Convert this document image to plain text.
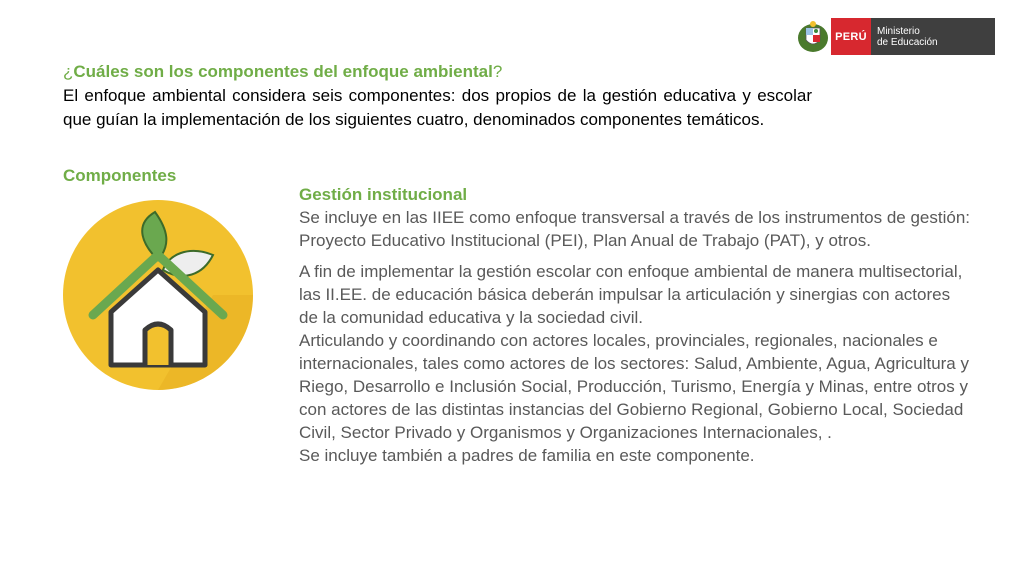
PERÚ	Ministerio
de Educación
¿Cuáles son los componentes del enfoque ambiental?

El enfoque ambiental considera seis componentes: dos propios de la gestión educativa y escolar que guían la implementación de los siguientes cuatro, denominados componentes temáticos.

Componentes

Gestión institucional

Se incluye en las IIEE como enfoque transversal a través de los instrumentos de gestión: Proyecto Educativo Institucional (PEI), Plan Anual de Trabajo (PAT), y otros.

A fin de implementar la gestión escolar con enfoque ambiental de manera multisectorial, las II.EE. de educación básica deberán impulsar la articulación y sinergias con actores de la comunidad educativa y la sociedad civil.

Articulando y coordinando con actores locales, provinciales, regionales, nacionales e internacionales, tales como actores de los sectores: Salud, Ambiente, Agua, Agricultura y Riego, Desarrollo e Inclusión Social, Producción, Turismo, Energía y Minas, entre otros y con actores de las distintas instancias del Gobierno Regional, Gobierno Local, Sociedad Civil, Sector Privado y Organismos y Organizaciones Internacionales, .

Se incluye también a padres de familia en este componente.
